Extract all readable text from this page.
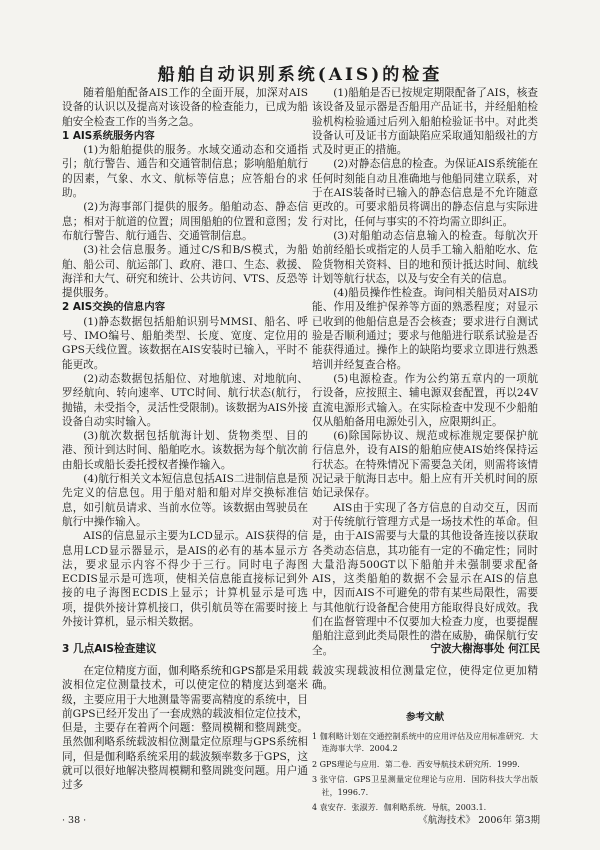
船舶自动识别系统(AIS)的检查

随着船舶配备AIS工作的全面开展，加深对AIS设备的认识以及提高对该设备的检查能力，已成为船舶安全检查工作的当务之急。

1 AIS系统服务内容

(1)为船舶提供的服务。水域交通动态和交通指引；航行警告、通告和交通管制信息；影响船舶航行的因素，气象、水文、航标等信息；应答船台的求助。

(2)为海事部门提供的服务。船舶动态、静态信息；相对于航道的位置；周围船舶的位置和意图；发布航行警告、航行通告、交通管制信息。

(3)社会信息服务。通过C/S和B/S模式，为船舶、船公司、航运部门、政府、港口、生态、救援、海洋和大气、研究和统计、公共访问、VTS、反恐等提供服务。

2 AIS交换的信息内容

(1)静态数据包括船舶识别号MMSI、船名、呼号、IMO编号、船舶类型、长度、宽度、定位用的GPS天线位置。该数据在AIS安装时已输入，平时不能更改。

(2)动态数据包括船位、对地航速、对地航向、罗经航向、转向速率、UTC时间、航行状态(航行，抛锚，未受指令，灵活性受限制)。该数据为AIS外接设备自动实时输入。

(3)航次数据包括航海计划、货物类型、目的港、预计到达时间、船舶吃水。该数据为每个航次前由船长或船长委托授权者操作输入。

(4)航行相关文本短信息包括AIS二进制信息是预先定义的信息包。用于船对船和船对岸交换标准信息，如引航员请求、当前水位等。该数据由驾驶员在航行中操作输入。

AIS的信息显示主要为LCD显示。AIS获得的信息用LCD显示器显示，是AIS的必有的基本显示方法，要求显示内容不得少于三行。同时电子海图ECDIS显示是可选项，使相关信息能直接标记到外接的电子海图ECDIS上显示；计算机显示是可选项，提供外接计算机接口，供引航员等在需要时接上外接计算机，显示相关数据。

(1)船舶是否已按规定期限配备了AIS，核查该设备及显示器是否船用产品证书，并经船舶检验机构检验通过后列入船舶检验证书中。对此类设备认可及证书方面缺陷应采取通知船级社的方式及时更正的措施。

(2)对静态信息的检查。为保证AIS系统能在任何时刻能自动且准确地与他船同建立联系，对于在AIS装备时已输入的静态信息是不允许随意更改的。可要求船员将调出的静态信息与实际进行对比，任何与事实的不符均需立即纠正。

(3)对船舶动态信息输入的检查。每航次开始前经船长或指定的人员手工输入船舶吃水、危险货物相关资料、目的地和预计抵达时间、航线计划等航行状态，以及与安全有关的信息。

(4)船员操作性检查。询问相关船员对AIS功能、作用及维护保养等方面的熟悉程度；对显示已收到的他船信息是否会核查；要求进行自测试验是否顺利通过；要求与他船进行联系试验是否能获得通过。操作上的缺陷均要求立即进行熟悉培训并经复查合格。

(5)电源检查。作为公约第五章内的一项航行设备，应按照主、辅电源双套配置，再以24V直流电源形式输入。在实际检查中发现不少船舶仅从船舶备用电源处引入，应限期纠正。

(6)除国际协议、规范或标准规定要保护航行信息外，设有AIS的船舶应使AIS始终保持运行状态。在特殊情况下需要急关闭，则需将该情况记录于航海日志中。船上应有开关机时间的原始记录保存。

AIS由于实现了各方信息的自动交互，因而对于传统航行管理方式是一场技术性的革命。但是，由于AIS需要与大量的其他设备连接以获取各类动态信息，其功能有一定的不确定性；同时大量沿海500GT以下船舶并未强制要求配备AIS，这类船舶的数据不会显示在AIS的信息中，因而AIS不可避免的带有某些局限性，需要与其他航行设备配合使用方能取得良好成效。我们在监督管理中不仅要加大检查力度，也要提醒船舶注意到此类局限性的潜在威胁，确保航行安全。

3 几点AIS检查建议	宁波大榭海事处 何江民

在定位精度方面，伽利略系统和GPS都是采用载波相位定位测量技术，可以使定位的精度达到毫米级，主要应用于大地测量等需要高精度的系统中，目前GPS已经开发出了一套成熟的载波相位定位技术，但是，主要存在着两个问题：整周模糊和整周跳变。虽然伽利略系统载波相位测量定位原理与GPS系统相同，但是伽利略系统采用的载波频率数多于GPS，这就可以很好地解决整周模糊和整周跳变问题。用户通过多

载波实现载波相位测量定位，使得定位更加精确。

参考文献

1 伽利略计划在交通控制系统中的应用评估及应用标准研究．大连海事大学．2004.2

2 GPS理论与应用．第二卷．西安导航技术研究所．1999.

3 张守信．GPS卫星测量定位理论与应用．国防科技大学出版社，1996.7.

4 袁安存．张淑芳．伽利略系统．导航，2003.1.

· 38 ·	《航海技术》 2006年 第3期
